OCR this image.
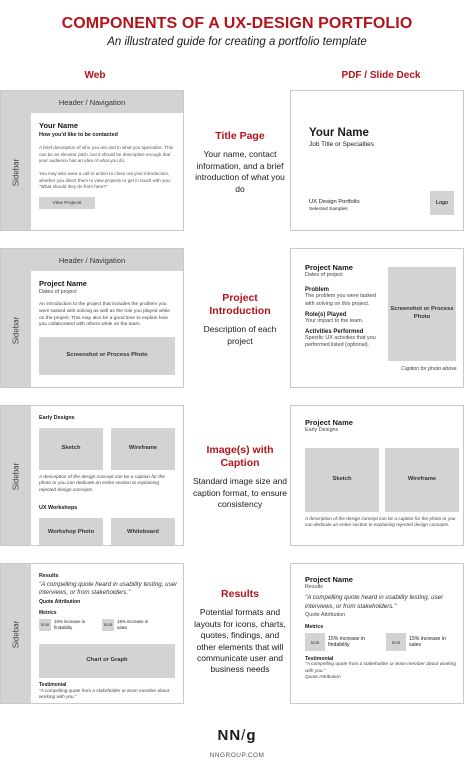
COMPONENTS OF A UX-DESIGN PORTFOLIO
An illustrated guide for creating a portfolio template
Web	PDF / Slide Deck
Header / Navigation
Sidebar
Your Name
How you'd like to be contacted
A brief description of who you are and in what you specialize. This can be an elevator pitch, but it should be descriptive enough that your audience has an idea of what you do.
You may also want a call to action to close out your introduction, whether you direct them to view projects or get in touch with you; "What should they do from here?"
View Projects
Title Page
Your name, contact information, and a brief introduction of what you do
Your Name
Job Title or Specialties
UX Design Portfolio
Selected Samples
Logo
Header / Navigation
Sidebar
Project Name
Dates of project
An introduction to the project that includes the problem you were tasked with solving as well as the role you played while on the project. This may also be a good time to explain how you collaborated with others while on the team.
Screenshot or Process Photo
Project Introduction
Description of each project
Project Name
Dates of project
Problem
The problem you were tasked with solving on this project.
Role(s) Played
Your impact to the team.
Activities Performed
Specific UX activities that you performed listed (optional).
Screenshot or Process Photo
Caption for photo above.
Sidebar
Early Designs
Sketch	Wireframe
A description of the design concept can be a caption for the photo or you can dedicate an entire section to explaining rejected design concepts.
UX Workshops
Workshop Photo	Whiteboard
Image(s) with Caption
Standard image size and caption format, to ensure consistency
Project Name
Early Designs
Sketch	Wireframe
A description of the design concept can be a caption for the photo or you can dedicate an entire section to explaining rejected design concepts.
Sidebar
Results
"A compelling quote heard in usability testing, user interviews, or from stakeholders."
Quote Attribution
Metrics
Icon
15% increase in findability	Icon
15% increase in sales
Chart or Graph
Testimonial
"A compelling quote from a stakeholder or team member about working with you."
Results
Potential formats and layouts for icons, charts, quotes, findings, and other elements that will communicate user and business needs
Project Name
Results
"A compelling quote heard in usability testing, user interviews, or from stakeholders."
Quote Attribution
Metrics
Icon
15% increase in findability	Icon
15% increase in sales
Testimonial
"A compelling quote from a stakeholder or team member about working with you."
Quote Attribution
NN/g
NNGROUP.COM
